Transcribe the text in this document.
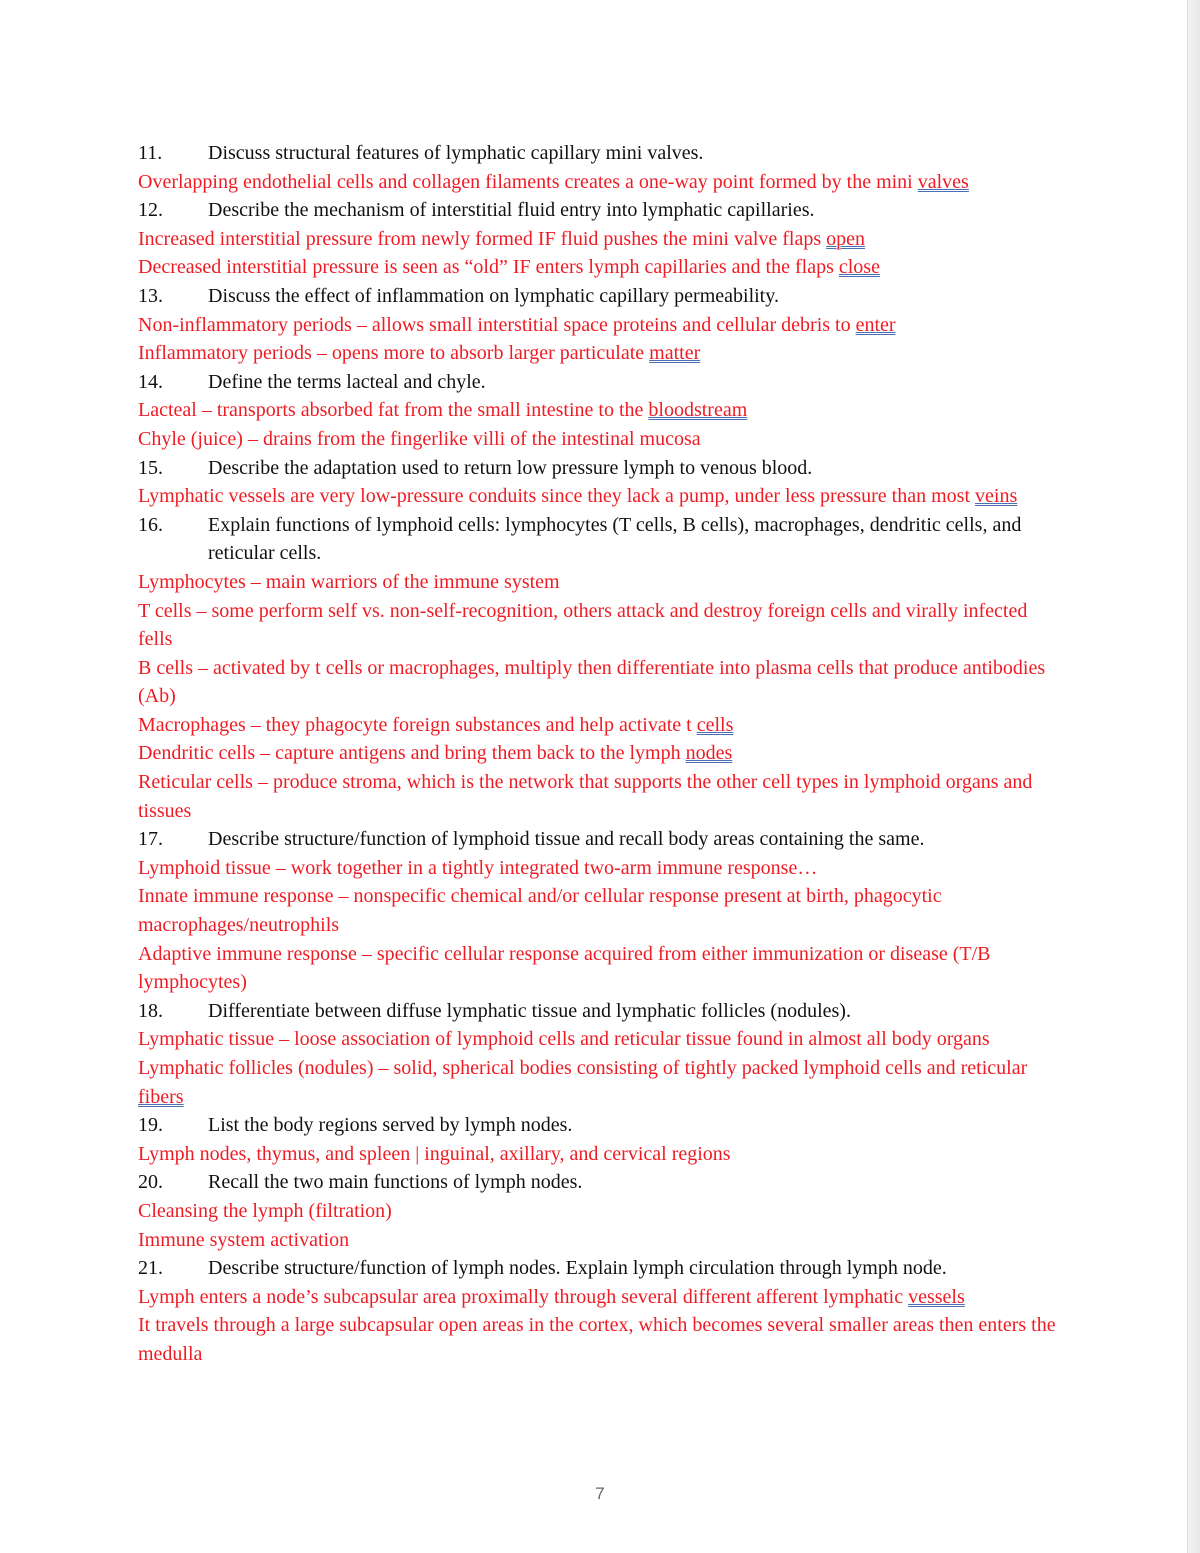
11. Discuss structural features of lymphatic capillary mini valves.
Overlapping endothelial cells and collagen filaments creates a one-way point formed by the mini valves
12. Describe the mechanism of interstitial fluid entry into lymphatic capillaries.
Increased interstitial pressure from newly formed IF fluid pushes the mini valve flaps open
Decreased interstitial pressure is seen as “old” IF enters lymph capillaries and the flaps close
13. Discuss the effect of inflammation on lymphatic capillary permeability.
Non-inflammatory periods – allows small interstitial space proteins and cellular debris to enter
Inflammatory periods – opens more to absorb larger particulate matter
14. Define the terms lacteal and chyle.
Lacteal – transports absorbed fat from the small intestine to the bloodstream
Chyle (juice) – drains from the fingerlike villi of the intestinal mucosa
15. Describe the adaptation used to return low pressure lymph to venous blood.
Lymphatic vessels are very low-pressure conduits since they lack a pump, under less pressure than most veins
16. Explain functions of lymphoid cells: lymphocytes (T cells, B cells), macrophages, dendritic cells, and reticular cells.
Lymphocytes – main warriors of the immune system
T cells – some perform self vs. non-self-recognition, others attack and destroy foreign cells and virally infected fells
B cells – activated by t cells or macrophages, multiply then differentiate into plasma cells that produce antibodies (Ab)
Macrophages – they phagocyte foreign substances and help activate t cells
Dendritic cells – capture antigens and bring them back to the lymph nodes
Reticular cells – produce stroma, which is the network that supports the other cell types in lymphoid organs and tissues
17. Describe structure/function of lymphoid tissue and recall body areas containing the same.
Lymphoid tissue – work together in a tightly integrated two-arm immune response…
Innate immune response – nonspecific chemical and/or cellular response present at birth, phagocytic macrophages/neutrophils
Adaptive immune response – specific cellular response acquired from either immunization or disease (T/B lymphocytes)
18. Differentiate between diffuse lymphatic tissue and lymphatic follicles (nodules).
Lymphatic tissue – loose association of lymphoid cells and reticular tissue found in almost all body organs
Lymphatic follicles (nodules) – solid, spherical bodies consisting of tightly packed lymphoid cells and reticular fibers
19. List the body regions served by lymph nodes.
Lymph nodes, thymus, and spleen | inguinal, axillary, and cervical regions
20. Recall the two main functions of lymph nodes.
Cleansing the lymph (filtration)
Immune system activation
21. Describe structure/function of lymph nodes. Explain lymph circulation through lymph node.
Lymph enters a node’s subcapsular area proximally through several different afferent lymphatic vessels
It travels through a large subcapsular open areas in the cortex, which becomes several smaller areas then enters the medulla
7
